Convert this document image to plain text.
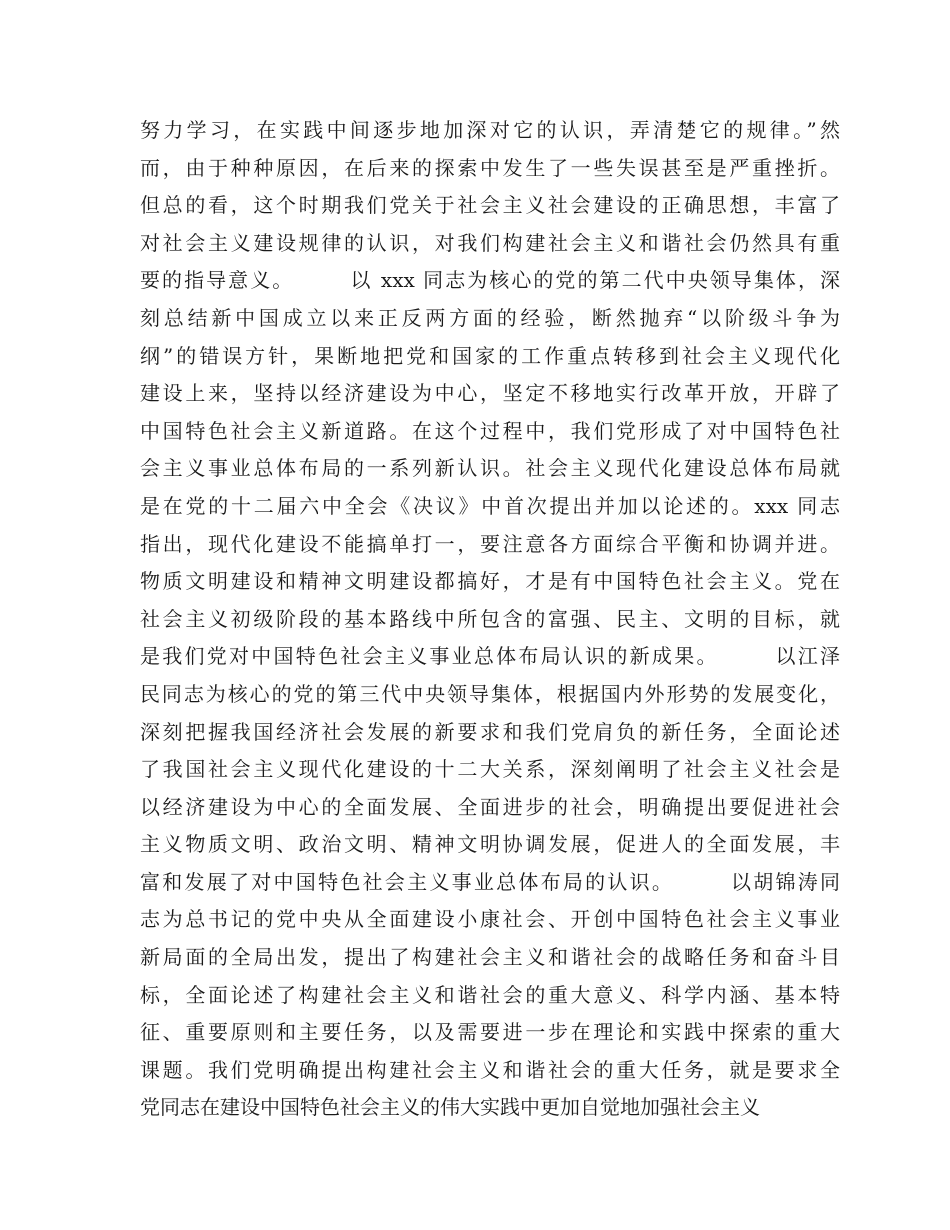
努力学习，在实践中间逐步地加深对它的认识，弄清楚它的规律。”然
而，由于种种原因，在后来的探索中发生了一些失误甚至是严重挫折。
但总的看，这个时期我们党关于社会主义社会建设的正确思想，丰富了
对社会主义建设规律的认识，对我们构建社会主义和谐社会仍然具有重
要的指导意义。　　　以 xxx 同志为核心的党的第二代中央领导集体，深
刻总结新中国成立以来正反两方面的经验，断然抛弃“以阶级斗争为
纲”的错误方针，果断地把党和国家的工作重点转移到社会主义现代化
建设上来，坚持以经济建设为中心，坚定不移地实行改革开放，开辟了
中国特色社会主义新道路。在这个过程中，我们党形成了对中国特色社
会主义事业总体布局的一系列新认识。社会主义现代化建设总体布局就
是在党的十二届六中全会《决议》中首次提出并加以论述的。xxx 同志
指出，现代化建设不能搞单打一，要注意各方面综合平衡和协调并进。
物质文明建设和精神文明建设都搞好，才是有中国特色社会主义。党在
社会主义初级阶段的基本路线中所包含的富强、民主、文明的目标，就
是我们党对中国特色社会主义事业总体布局认识的新成果。　　　以江泽
民同志为核心的党的第三代中央领导集体，根据国内外形势的发展变化，
深刻把握我国经济社会发展的新要求和我们党肩负的新任务，全面论述
了我国社会主义现代化建设的十二大关系，深刻阐明了社会主义社会是
以经济建设为中心的全面发展、全面进步的社会，明确提出要促进社会
主义物质文明、政治文明、精神文明协调发展，促进人的全面发展，丰
富和发展了对中国特色社会主义事业总体布局的认识。　　　以胡锦涛同
志为总书记的党中央从全面建设小康社会、开创中国特色社会主义事业
新局面的全局出发，提出了构建社会主义和谐社会的战略任务和奋斗目
标，全面论述了构建社会主义和谐社会的重大意义、科学内涵、基本特
征、重要原则和主要任务，以及需要进一步在理论和实践中探索的重大
课题。我们党明确提出构建社会主义和谐社会的重大任务，就是要求全
党同志在建设中国特色社会主义的伟大实践中更加自觉地加强社会主义
